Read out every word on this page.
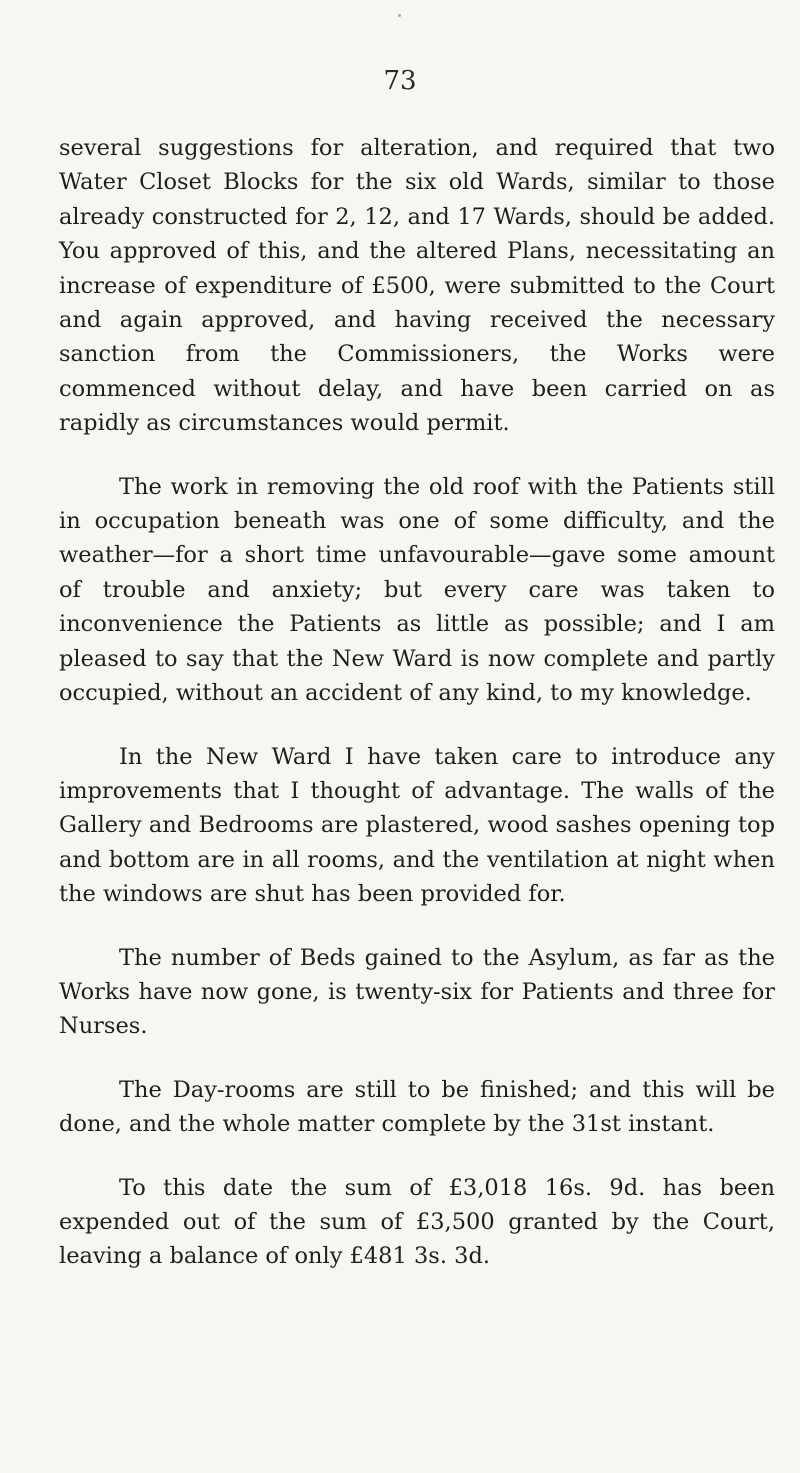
73

several suggestions for alteration, and required that two Water Closet Blocks for the six old Wards, similar to those already constructed for 2, 12, and 17 Wards, should be added. You approved of this, and the altered Plans, necessitating an increase of expenditure of £500, were submitted to the Court and again approved, and having received the necessary sanction from the Commissioners, the Works were commenced without delay, and have been carried on as rapidly as circumstances would permit.

The work in removing the old roof with the Patients still in occupation beneath was one of some difficulty, and the weather—for a short time unfavourable—gave some amount of trouble and anxiety; but every care was taken to inconvenience the Patients as little as possible; and I am pleased to say that the New Ward is now complete and partly occupied, without an accident of any kind, to my knowledge.

In the New Ward I have taken care to introduce any improvements that I thought of advantage. The walls of the Gallery and Bedrooms are plastered, wood sashes opening top and bottom are in all rooms, and the ventilation at night when the windows are shut has been provided for.

The number of Beds gained to the Asylum, as far as the Works have now gone, is twenty-six for Patients and three for Nurses.

The Day-rooms are still to be finished; and this will be done, and the whole matter complete by the 31st instant.

To this date the sum of £3,018 16s. 9d. has been expended out of the sum of £3,500 granted by the Court, leaving a balance of only £481 3s. 3d.
